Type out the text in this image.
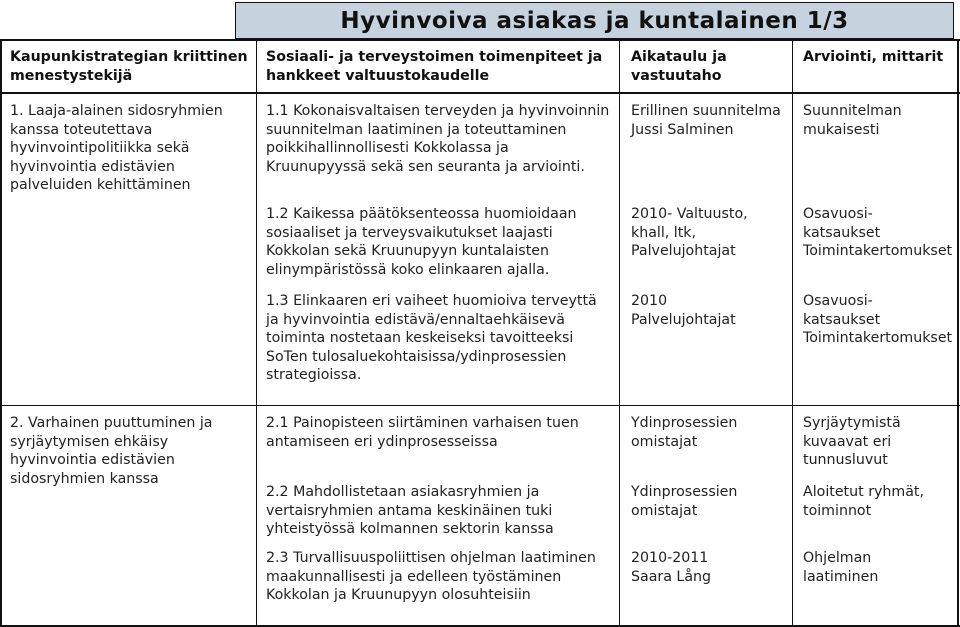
Hyvinvoiva asiakas ja kuntalainen 1/3
Kaupunkistrategian kriittinen menestystekijä
Sosiaali- ja terveystoimen toimenpiteet ja hankkeet valtuustokaudelle
Aikataulu ja vastuutaho
Arviointi, mittarit
1. Laaja-alainen sidosryhmien kanssa toteutettava hyvinvointipolitiikka sekä hyvinvointia edistävien palveluiden kehittäminen
2. Varhainen puuttuminen ja syrjäytymisen ehkäisy hyvinvointia edistävien sidosryhmien kanssa
1.1 Kokonaisvaltaisen terveyden ja hyvinvoinnin suunnitelman laatiminen ja toteuttaminen poikkihallinnollisesti Kokkolassa ja Kruunupyyssä sekä sen seuranta ja arviointi.
Erillinen suunnitelma
Jussi Salminen
Suunnitelman mukaisesti
1.2 Kaikessa päätöksenteossa huomioidaan sosiaaliset ja terveysvaikutukset laajasti Kokkolan sekä Kruunupyyn kuntalaisten elinympäristössä koko elinkaaren ajalla.
2010- Valtuusto, khall, ltk,
Palvelujohtajat
Osavuosi-katsaukset
Toimintakertomukset
1.3 Elinkaaren eri vaiheet huomioiva terveyttä ja hyvinvointia edistävä/ennaltaehkäisevä toiminta nostetaan keskeiseksi tavoitteeksi SoTen tulosaluekohtaisissa/ydinprosessien strategioissa.
2010
Palvelujohtajat
Osavuosi-katsaukset
Toimintakertomukset
2.1 Painopisteen siirtäminen varhaisen tuen antamiseen eri ydinprosesseissa
Ydinprosessien omistajat
Syrjäytymistä kuvaavat eri tunnusluvut
2.2 Mahdollistetaan asiakasryhmien ja vertaisryhmien antama keskinäinen tuki yhteistyössä kolmannen sektorin kanssa
Ydinprosessien omistajat
Aloitetut ryhmät, toiminnot
2.3 Turvallisuuspoliittisen ohjelman laatiminen maakunnallisesti ja edelleen työstäminen Kokkolan ja Kruunupyyn olosuhteisiin
2010-2011
Saara Lång
Ohjelman laatiminen
